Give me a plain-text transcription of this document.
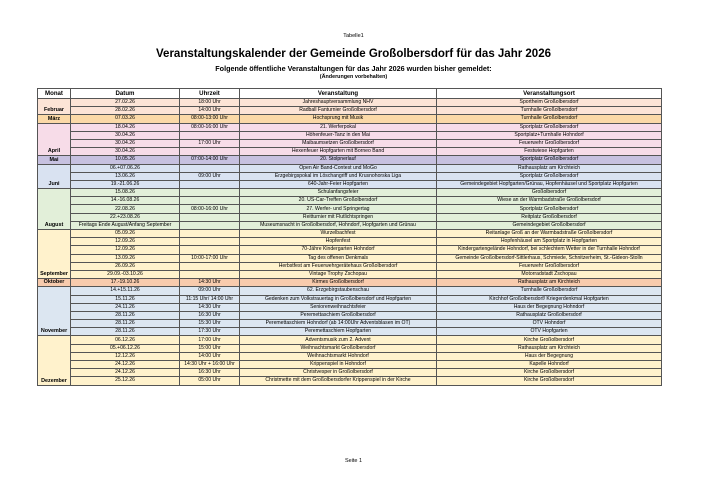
Tabelle1
Veranstaltungskalender der Gemeinde Großolbersdorf für das Jahr 2026
Folgende öffentliche Veranstaltungen für das Jahr 2026 wurden bisher gemeldet:
(Änderungen vorbehalten)
Monat	Datum	Uhrzeit	Veranstaltung	Veranstaltungsort
Februar	27.02.26	18:00 Uhr	Jahreshauptversammlung NHV	Sportheim Großolbersdorf
	28.02.26	14:00 Uhr	Radball Fanturnier Großolbersdorf	Turnhalle Großolbersdorf
März	07.03.26	08:00-13:00 Uhr	Hochsprung mit Musik	Turnhalle Großolbersdorf
April	18.04.26	08:00-16:00 Uhr	21. Werferpokal	Sportplatz Großolbersdorf
	30.04.26		Höhenfeuer-Tanz in den Mai	Sportplatz+Turnhalle Hohndorf
	30.04.26	17:00 Uhr	Maibaumsetzen Großolbersdorf	Feuerwehr Großolbersdorf
	30.04.26		Hexenfeuer Hopfgarten mit Borneo Band	Festwiese Hopfgarten
Mai	10.05.26	07:00-14:00 Uhr	20. Stolpnerlauf	Sportplatz Großolbersdorf
Juni	06.+07.06.26		Open Air Band-Contest und MoGo	Rathausplatz am Kirchteich
	13.06.26	09:00 Uhr	Erzgebirgspokal im Löschangriff und Krusnohorska Liga	Sportplatz Großolbersdorf
	19.-21.06.26		640-Jahr-Feier Hopfgarten	Gemeindegebiet Hopfgarten/Grünau, Hopfenhäusel und Sportplatz Hopfgarten
August	15.08.26		Schulanfangsfeier	Großolbersdorf
	14.-16.08.26		20. US-Car-Treffen Großolbersdorf	Wiese an der Warmbadstraße Großolbersdorf
	22.08.26	08:00-16:00 Uhr	27. Werfer- und Springertag	Sportplatz Großolbersdorf
	22.+23.08.26		Reitturnier mit Flutlichtspringen	Reitplatz Großolbersdorf
	Freitags Ende August/Anfang September		Museumsnacht in Großolbersdorf, Hohndorf, Hopfgarten und Grünau	Gemeindegebiet Großolbersdorf
September	05.09.26		Wurzelbachfest	Reitanlage Groß an der Warmbadstraße Großolbersdorf
	12.09.26		Hopfenfest	Hopfenhäusel am Sportplatz in Hopfgarten
	12.09.26		70-Jähre Kindergarten Hohndorf	Kindergartengelände Hohndorf, bei schlechtem Wetter in der Turnhalle Hohndorf
	13.09.26	10:00-17:00 Uhr	Tag des offenen Denkmals	Gemeinde Großolbersdorf-Sittlerhaus, Schmiede, Schnitzerheim, St.-Gideon-Stolln
	26.09.26		Herbstfest am Feuerwehrgerätehaus Großolbersdorf	Feuerwehr Großolbersdorf
	29.09.-03.10.26		Vintage Trophy Zschopau	Motorradstadt Zschopau
Oktober	17.-19.10.26	14:30 Uhr	Kirmes Großolbersdorf	Rathausplatz am Kirchteich
November	14.+15.11.26	09:00 Uhr	62. Erzgebirgstaubenschau	Turnhalle Großolbersdorf
	15.11.26	11:15 Uhr/ 14:00 Uhr	Gedenken zum Volkstrauertag in Großolbersdorf und Hopfgarten	Kirchhof Großolbersdorf/ Kriegerdenkmal Hopfgarten
	24.11.26	14:30 Uhr	Seniorenweihnachtsfeier	Haus der Begegnung Hohndorf
	28.11.26	16:30 Uhr	Peremettaschiem Großolbersdorf	Rathausplatz Großolbersdorf
	28.11.26	15:30 Uhr	Peremettaschiem Hohndorf (ab 14:00Uhr Adventsblasen im OT)	OTV Hohndorf
	28.11.26	17:30 Uhr	Peremettaschiem Hopfgarten	OTV Hopfgarten
Dezember	06.12.26	17:00 Uhr	Adventsmusik zum 2. Advent	Kirche Großolbersdorf
	05.+06.12.26	15:00 Uhr	Weihnachtsmarkt Großolbersdorf	Rathausplatz am Kirchteich
	12.12.26	14:00 Uhr	Weihnachtsmarkt Hohndorf	Haus der Begegnung
	24.12.26	14:30 Uhr + 16:00 Uhr	Krippenspiel in Hohndorf	Kapelle Hohndorf
	24.12.26	16:30 Uhr	Christvesper in Großolbersdorf	Kirche Großolbersdorf
	25.12.26	05:00 Uhr	Christmette mit dem Großolbersdorfer Krippenspiel in der Kirche	Kirche Großolbersdorf
Seite 1
